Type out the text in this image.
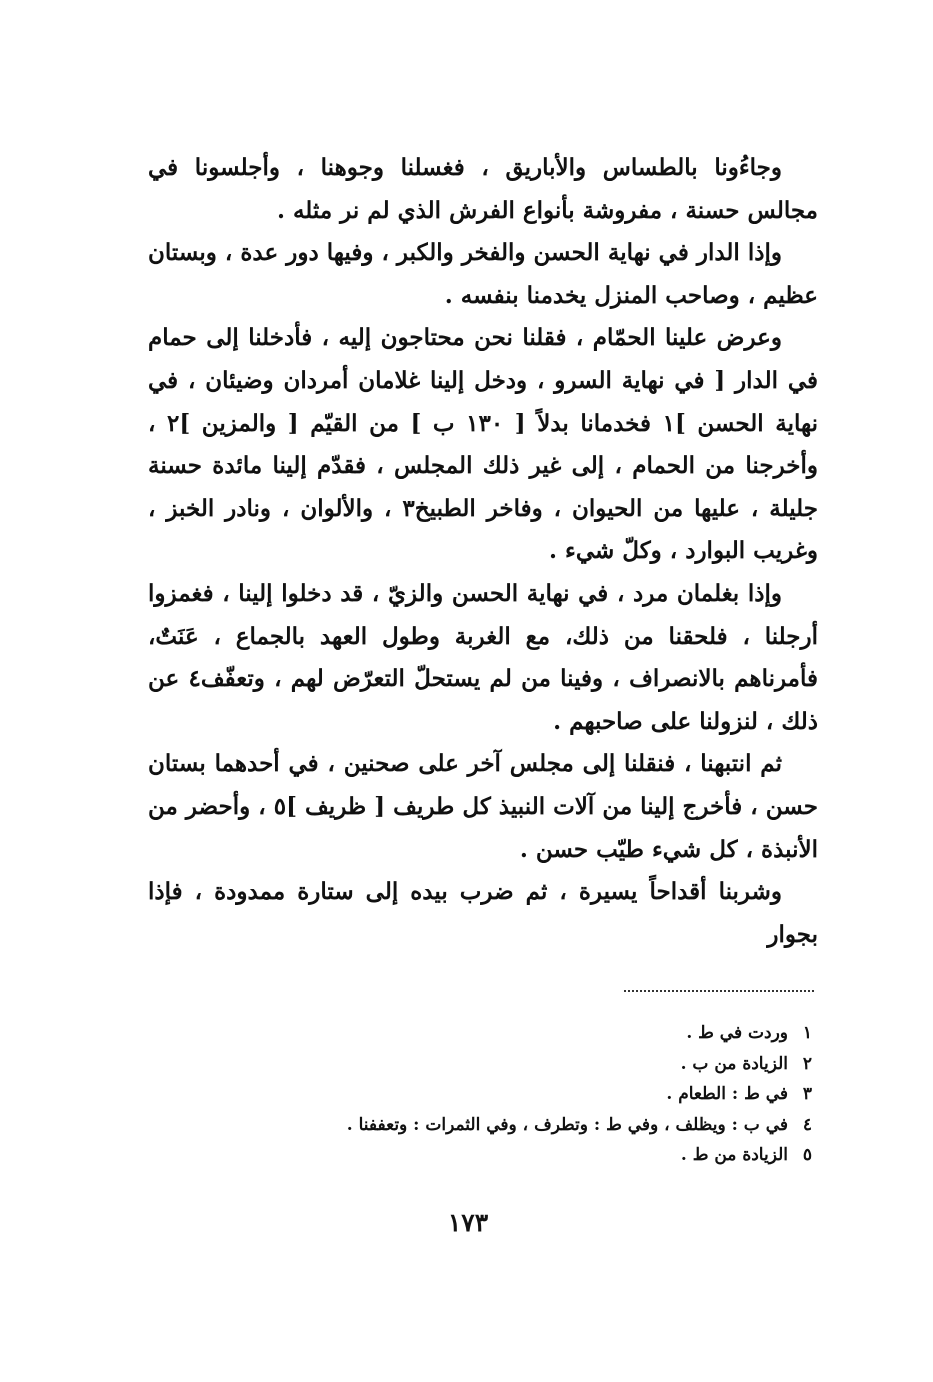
وجاءُونا بالطساس والأباريق ، فغسلنا وجوهنا ، وأجلسونا في مجالس حسنة ، مفروشة بأنواع الفرش الذي لم نر مثله .

وإذا الدار في نهاية الحسن والفخر والكبر ، وفيها دور عدة ، وبستان عظيم ، وصاحب المنزل يخدمنا بنفسه .

وعرض علينا الحمّام ، فقلنا نحن محتاجون إليه ، فأدخلنا إلى حمام في الدار [ في نهاية السرو ، ودخل إلينا غلامان أمردان وضيئان ، في نهاية الحسن ]١ فخدمانا بدلاً [ ١٣٠ ب ] من القيّم [ والمزين ]٢ ، وأخرجنا من الحمام ، إلى غير ذلك المجلس ، فقدّم إلينا مائدة حسنة جليلة ، عليها من الحيوان ، وفاخر الطبيخ٣ ، والألوان ، ونادر الخبز ، وغريب البوارد ، وكلّ شيء .

وإذا بغلمان مرد ، في نهاية الحسن والزيّ ، قد دخلوا إلينا ، فغمزوا أرجلنا ، فلحقنا من ذلك، مع الغربة وطول العهد بالجماع ، عَنَتٌ، فأمرناهم بالانصراف ، وفينا من لم يستحلّ التعرّض لهم ، وتعفّف٤ عن ذلك ، لنزولنا على صاحبهم .

ثم انتبهنا ، فنقلنا إلى مجلس آخر على صحنين ، في أحدهما بستان حسن ، فأخرج إلينا من آلات النبيذ كل طريف [ ظريف ]٥ ، وأحضر من الأنبذة ، كل شيء طيّب حسن .

وشربنا أقداحاً يسيرة ، ثم ضرب بيده إلى ستارة ممدودة ، فإذا بجوار

١
وردت في ط .
٢
الزيادة من ب .
٣
في ط : الطعام .
٤
في ب : ويظلف ، وفي ط : وتطرف ، وفي الثمرات : وتعففنا .
٥
الزيادة من ط .
١٧٣
